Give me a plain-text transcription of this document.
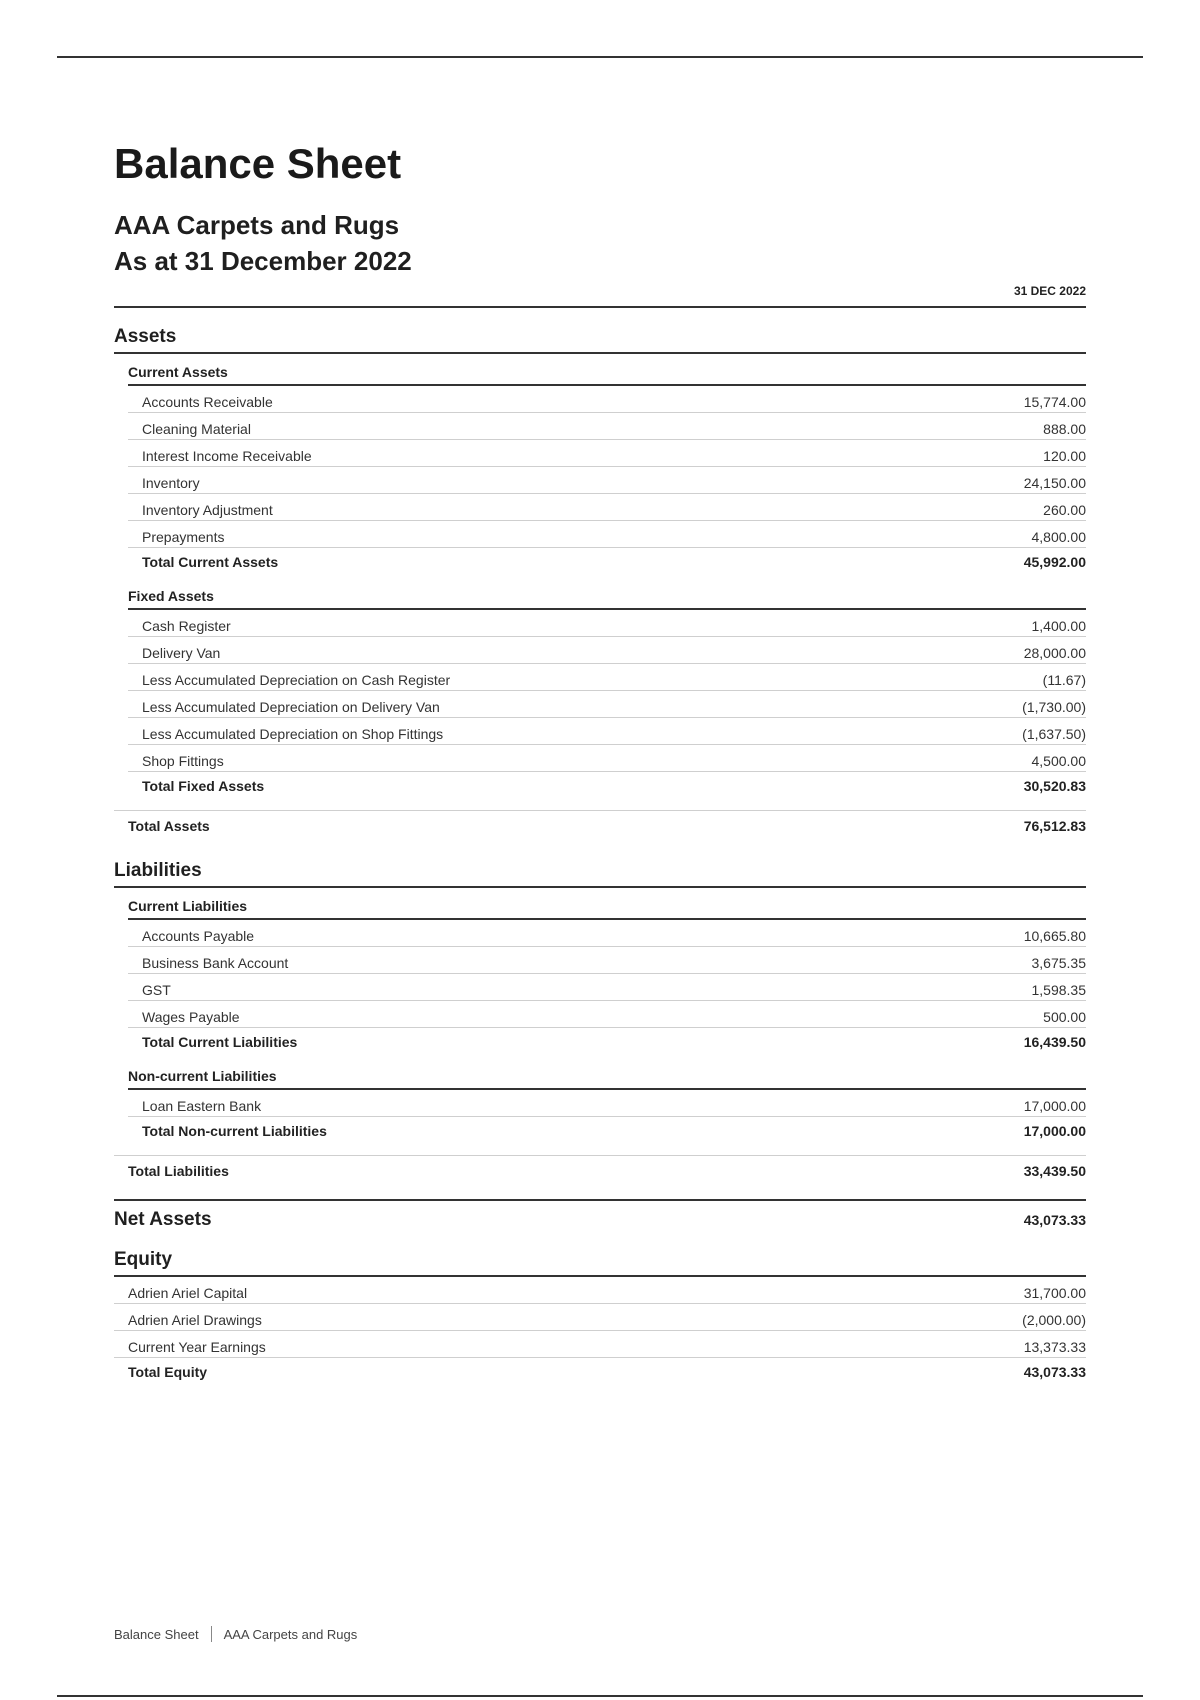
Balance Sheet
AAA Carpets and Rugs
As at 31 December 2022
31 DEC 2022
Assets
Current Assets
Accounts Receivable	15,774.00
Cleaning Material	888.00
Interest Income Receivable	120.00
Inventory	24,150.00
Inventory Adjustment	260.00
Prepayments	4,800.00
Total Current Assets	45,992.00
Fixed Assets
Cash Register	1,400.00
Delivery Van	28,000.00
Less Accumulated Depreciation on Cash Register	(11.67)
Less Accumulated Depreciation on Delivery Van	(1,730.00)
Less Accumulated Depreciation on Shop Fittings	(1,637.50)
Shop Fittings	4,500.00
Total Fixed Assets	30,520.83
Total Assets	76,512.83
Liabilities
Current Liabilities
Accounts Payable	10,665.80
Business Bank Account	3,675.35
GST	1,598.35
Wages Payable	500.00
Total Current Liabilities	16,439.50
Non-current Liabilities
Loan Eastern Bank	17,000.00
Total Non-current Liabilities	17,000.00
Total Liabilities	33,439.50
Net Assets	43,073.33
Equity
Adrien Ariel Capital	31,700.00
Adrien Ariel Drawings	(2,000.00)
Current Year Earnings	13,373.33
Total Equity	43,073.33
Balance Sheet AAA Carpets and Rugs
